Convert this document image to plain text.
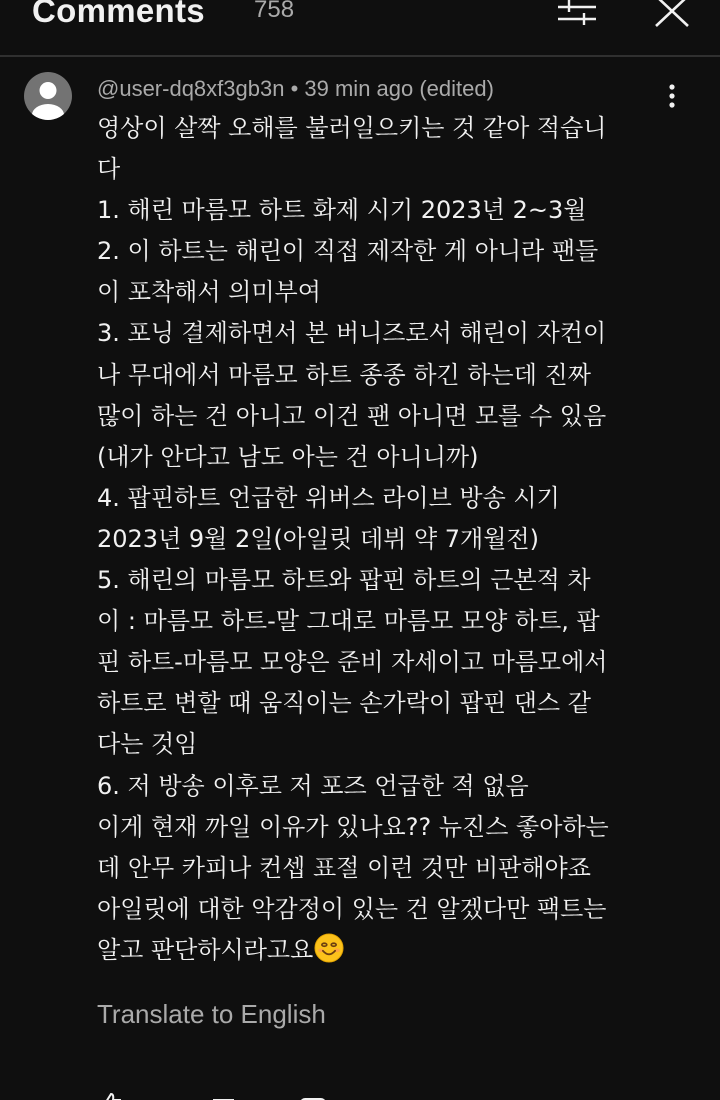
Comments 758
@user-dq8xf3gb3n • 39 min ago (edited)
영상이 살짝 오해를 불러일으키는 것 같아 적습니
다
1. 해린 마름모 하트 화제 시기 2023년 2~3월
2. 이 하트는 해린이 직접 제작한 게 아니라 팬들
이 포착해서 의미부여
3. 포닝 결제하면서 본 버니즈로서 해린이 자컨이
나 무대에서 마름모 하트 종종 하긴 하는데 진짜
많이 하는 건 아니고 이건 팬 아니면 모를 수 있음
(내가 안다고 남도 아는 건 아니니까)
4. 팝핀하트 언급한 위버스 라이브 방송 시기
2023년 9월 2일(아일릿 데뷔 약 7개월전)
5. 해린의 마름모 하트와 팝핀 하트의 근본적 차
이 : 마름모 하트-말 그대로 마름모 모양 하트, 팝
핀 하트-마름모 모양은 준비 자세이고 마름모에서
하트로 변할 때 움직이는 손가락이 팝핀 댄스 같
다는 것임
6. 저 방송 이후로 저 포즈 언급한 적 없음
이게 현재 까일 이유가 있나요?? 뉴진스 좋아하는
데 안무 카피나 컨셉 표절 이런 것만 비판해야죠
아일릿에 대한 악감정이 있는 건 알겠다만 팩트는
알고 판단하시라고요
Translate to English
